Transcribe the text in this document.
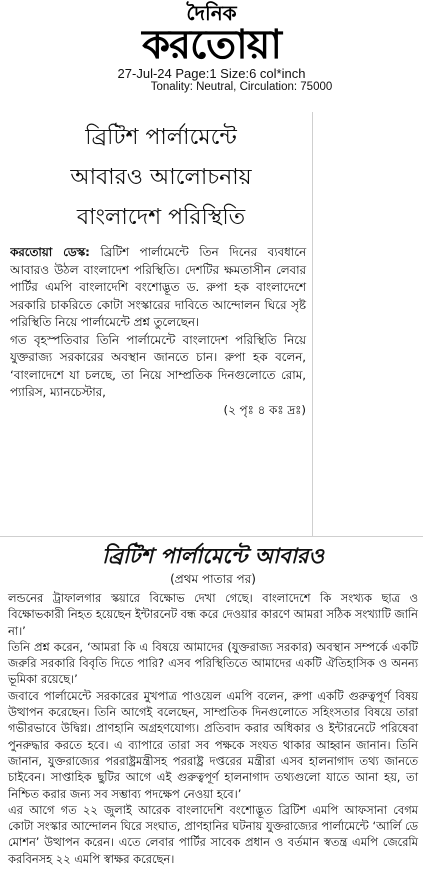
দৈনিক
করতোয়া
27-Jul-24 Page:1 Size:6 col*inch
Tonality: Neutral, Circulation: 75000
ব্রিটিশ পার্লামেন্টে
আবারও আলোচনায়
বাংলাদেশ পরিস্থিতি
করতোয়া ডেস্ক: ব্রিটিশ পার্লামেন্টে তিন দিনের ব্যবধানে আবারও উঠল বাংলাদেশ পরিস্থিতি। দেশটির ক্ষমতাসীন লেবার পার্টির এমপি বাংলাদেশি বংশোদ্ভূত ড. রুপা হক বাংলাদেশে সরকারি চাকরিতে কোটা সংস্কারের দাবিতে আন্দোলন ঘিরে সৃষ্ট পরিস্থিতি নিয়ে পার্লামেন্টে প্রশ্ন তুলেছেন।
গত বৃহস্পতিবার তিনি পার্লামেন্টে বাংলাদেশ পরিস্থিতি নিয়ে যুক্তরাজ্য সরকারের অবস্থান জানতে চান। রুপা হক বলেন, ‘বাংলাদেশে যা চলছে, তা নিয়ে সাম্প্রতিক দিনগুলোতে রোম, প্যারিস, ম্যানচেস্টার,
(২ পৃঃ ৪ কঃ দ্রঃ)
ব্রিটিশ পার্লামেন্টে আবারও
(প্রথম পাতার পর)

লন্ডনের ট্রাফালগার স্কয়ারে বিক্ষোভ দেখা গেছে। বাংলাদেশে কি সংখ্যক ছাত্র ও বিক্ষোভকারী নিহত হয়েছেন ইন্টারনেট বন্ধ করে দেওয়ার কারণে আমরা সঠিক সংখ্যাটি জানি না।’

তিনি প্রশ্ন করেন, ‘আমরা কি এ বিষয়ে আমাদের (যুক্তরাজ্য সরকার) অবস্থান সম্পর্কে একটি জরুরি সরকারি বিবৃতি দিতে পারি? এসব পরিস্থিতিতে আমাদের একটি ঐতিহাসিক ও অনন্য ভূমিকা রয়েছে।’

জবাবে পার্লামেন্টে সরকারের মুখপাত্র পাওয়েল এমপি বলেন, রুপা একটি গুরুত্বপূর্ণ বিষয় উত্থাপন করেছেন। তিনি আগেই বলেছেন, সাম্প্রতিক দিনগুলোতে সহিংসতার বিষয়ে তারা গভীরভাবে উদ্বিগ্ন। প্রাণহানি অগ্রহণযোগ্য। প্রতিবাদ করার অধিকার ও ইন্টারনেটে পরিষেবা পুনরুদ্ধার করতে হবে। এ ব্যাপারে তারা সব পক্ষকে সংযত থাকার আহ্বান জানান। তিনি জানান, যুক্তরাজ্যের পররাষ্ট্রমন্ত্রীসহ পররাষ্ট্র দপ্তরের মন্ত্রীরা এসব হালনাগাদ তথ্য জানতে চাইবেন। সাপ্তাহিক ছুটির আগে এই গুরুত্বপূর্ণ হালনাগাদ তথ্যগুলো যাতে আনা হয়, তা নিশ্চিত করার জন্য সব সম্ভাব্য পদক্ষেপ নেওয়া হবে।’

এর আগে গত ২২ জুলাই আরেক বাংলাদেশি বংশোদ্ভূত ব্রিটিশ এমপি আফসানা বেগম কোটা সংস্কার আন্দোলন ঘিরে সংঘাত, প্রাণহানির ঘটনায় যুক্তরাজ্যের পার্লামেন্টে ‘আর্লি ডে মোশন’ উত্থাপন করেন। এতে লেবার পার্টির সাবেক প্রধান ও বর্তমান স্বতন্ত্র এমপি জেরেমি করবিনসহ ২২ এমপি স্বাক্ষর করেছেন।
